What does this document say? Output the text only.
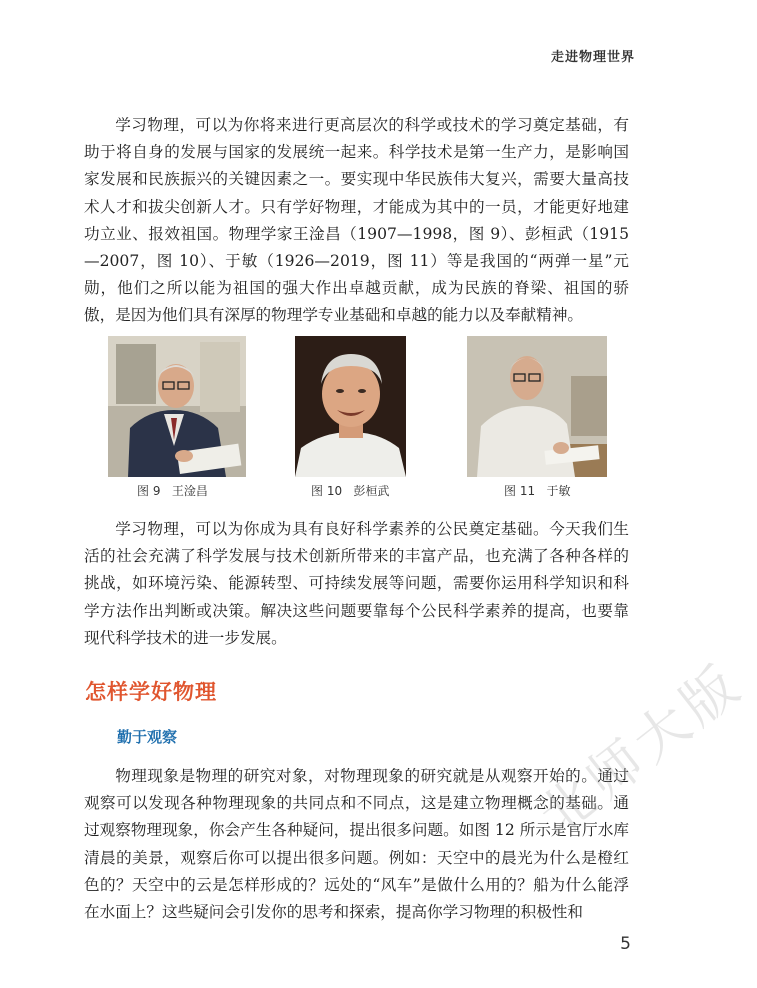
走进物理世界

学习物理，可以为你将来进行更高层次的科学或技术的学习奠定基础，有助于将自身的发展与国家的发展统一起来。科学技术是第一生产力，是影响国家发展和民族振兴的关键因素之一。要实现中华民族伟大复兴，需要大量高技术人才和拔尖创新人才。只有学好物理，才能成为其中的一员，才能更好地建功立业、报效祖国。物理学家王淦昌（1907—1998，图 9）、彭桓武（1915—2007，图 10）、于敏（1926—2019，图 11）等是我国的“两弹一星”元勋，他们之所以能为祖国的强大作出卓越贡献，成为民族的脊梁、祖国的骄傲，是因为他们具有深厚的物理学专业基础和卓越的能力以及奉献精神。

图 9   王淦昌	图 10   彭桓武	图 11   于敏

学习物理，可以为你成为具有良好科学素养的公民奠定基础。今天我们生活的社会充满了科学发展与技术创新所带来的丰富产品，也充满了各种各样的挑战，如环境污染、能源转型、可持续发展等问题，需要你运用科学知识和科学方法作出判断或决策。解决这些问题要靠每个公民科学素养的提高，也要靠现代科学技术的进一步发展。

怎样学好物理
勤于观察

物理现象是物理的研究对象，对物理现象的研究就是从观察开始的。通过观察可以发现各种物理现象的共同点和不同点，这是建立物理概念的基础。通过观察物理现象，你会产生各种疑问，提出很多问题。如图 12 所示是官厅水库清晨的美景，观察后你可以提出很多问题。例如：天空中的晨光为什么是橙红色的？天空中的云是怎样形成的？远处的“风车”是做什么用的？船为什么能浮在水面上？这些疑问会引发你的思考和探索，提高你学习物理的积极性和

5
北师大版
